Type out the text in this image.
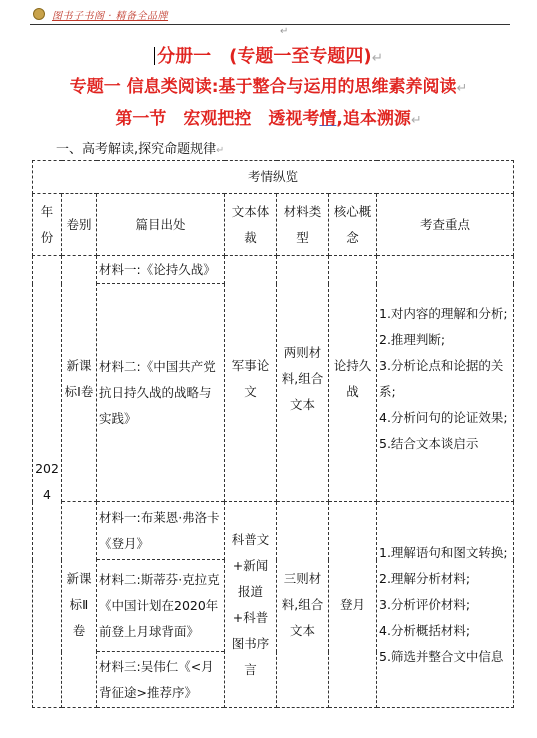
图书子书阁 · 精备全品牌
↵
分册一　(专题一至专题四)↵
专题一 信息类阅读:基于整合与运用的思维素养阅读↵
第一节　宏观把控　透视考情,追本溯源↵
一、高考解读,探究命题规律↵
考情纵览						
年份	卷别	篇目出处	文本体裁	材料类型	核心概念	考查重点
2024	新课标Ⅰ卷	材料一:《论持久战》	军事论文	两则材料,组合文本	论持久战	1.对内容的理解和分析;
2.推理判断;
3.分析论点和论据的关系;
4.分析问句的论证效果;
5.结合文本谈启示

		材料二:《中国共产党抗日持久战的战略与实践》				
	新课标Ⅱ卷	材料一:布莱恩·弗洛卡《登月》	科普文+新闻报道+科普图书序言	三则材料,组合文本	登月	1.理解语句和图文转换;
2.理解分析材料;
3.分析评价材料;
4.分析概括材料;
5.筛选并整合文中信息

		材料二:斯蒂芬·克拉克《中国计划在2020年前登上月球背面》				
		材料三:吴伟仁《<月背征途>推荐序》				
